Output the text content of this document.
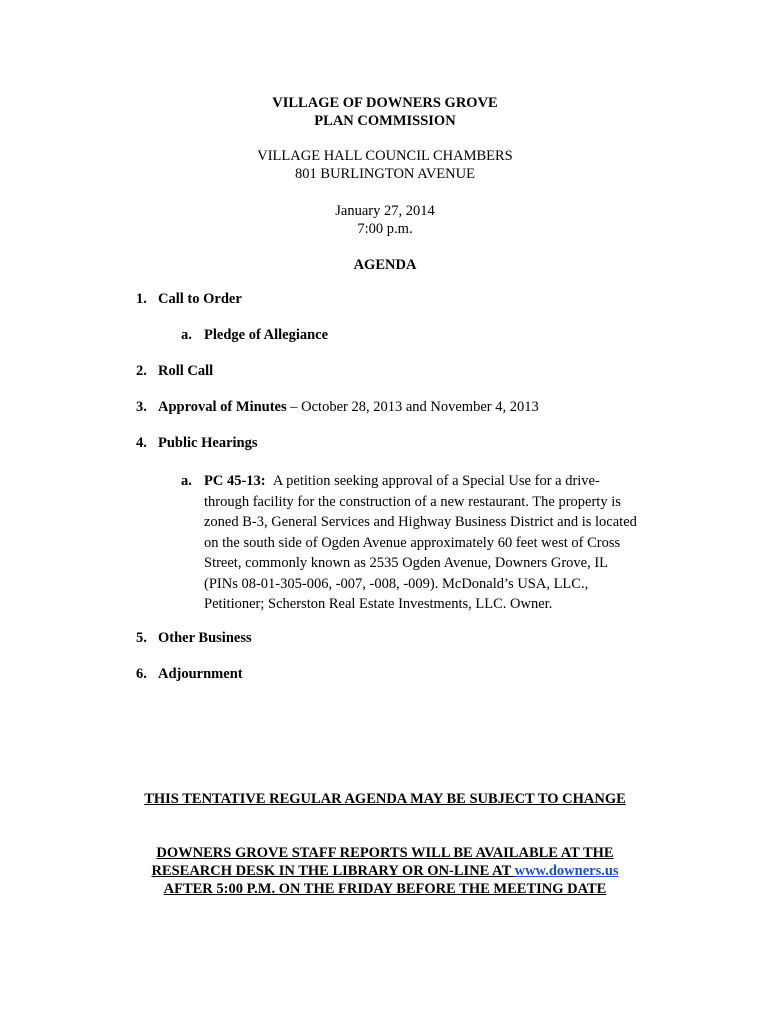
VILLAGE OF DOWNERS GROVE
PLAN COMMISSION
VILLAGE HALL COUNCIL CHAMBERS
801 BURLINGTON AVENUE
January 27, 2014
7:00 p.m.
AGENDA
1. Call to Order
a. Pledge of Allegiance
2. Roll Call
3. Approval of Minutes – October 28, 2013 and November 4, 2013
4. Public Hearings
a. PC 45-13: A petition seeking approval of a Special Use for a drive-
through facility for the construction of a new restaurant. The property is
zoned B-3, General Services and Highway Business District and is located
on the south side of Ogden Avenue approximately 60 feet west of Cross
Street, commonly known as 2535 Ogden Avenue, Downers Grove, IL
(PINs 08-01-305-006, -007, -008, -009). McDonald’s USA, LLC.,
Petitioner; Scherston Real Estate Investments, LLC. Owner.
5. Other Business
6. Adjournment
THIS TENTATIVE REGULAR AGENDA MAY BE SUBJECT TO CHANGE
DOWNERS GROVE STAFF REPORTS WILL BE AVAILABLE AT THE
RESEARCH DESK IN THE LIBRARY OR ON-LINE AT www.downers.us
AFTER 5:00 P.M. ON THE FRIDAY BEFORE THE MEETING DATE
